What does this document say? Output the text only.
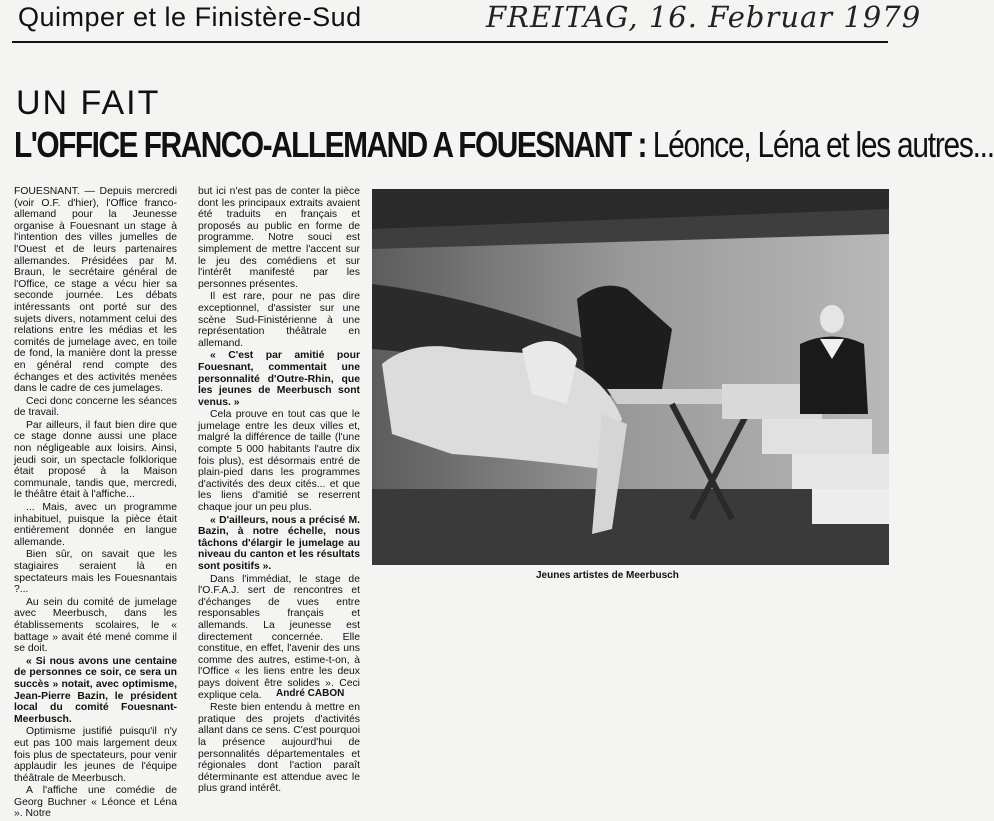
Quimper et le Finistère-Sud	FREITAG, 16. Februar 1979
UN FAIT
L'OFFICE FRANCO-ALLEMAND A FOUESNANT : Léonce, Léna et les autres...

FOUESNANT. — Depuis mercredi (voir O.F. d'hier), l'Office franco-allemand pour la Jeunesse organise à Fouesnant un stage à l'intention des villes jumelles de l'Ouest et de leurs partenaires allemandes. Présidées par M. Braun, le secrétaire général de l'Office, ce stage a vécu hier sa seconde journée. Les débats intéressants ont porté sur des sujets divers, notamment celui des relations entre les médias et les comités de jumelage avec, en toile de fond, la manière dont la presse en général rend compte des échanges et des activités menées dans le cadre de ces jumelages.

Ceci donc concerne les séances de travail.

Par ailleurs, il faut bien dire que ce stage donne aussi une place non négligeable aux loisirs. Ainsi, jeudi soir, un spectacle folklorique était proposé à la Maison communale, tandis que, mercredi, le théâtre était à l'affiche...

... Mais, avec un programme inhabituel, puisque la pièce était entièrement donnée en langue allemande.

Bien sûr, on savait que les stagiaires seraient là en spectateurs mais les Fouesnantais ?...

Au sein du comité de jumelage avec Meerbusch, dans les établissements scolaires, le « battage » avait été mené comme il se doit.

« Si nous avons une centaine de personnes ce soir, ce sera un succès » notait, avec optimisme, Jean-Pierre Bazin, le président local du comité Fouesnant-Meerbusch.

Optimisme justifié puisqu'il n'y eut pas 100 mais largement deux fois plus de spectateurs, pour venir applaudir les jeunes de l'équipe théâtrale de Meerbusch.

A l'affiche une comédie de Georg Buchner « Léonce et Léna ». Notre

but ici n'est pas de conter la pièce dont les principaux extraits avaient été traduits en français et proposés au public en forme de programme. Notre souci est simplement de mettre l'accent sur le jeu des comédiens et sur l'intérêt manifesté par les personnes présentes.

Il est rare, pour ne pas dire exceptionnel, d'assister sur une scène Sud-Finistérienne à une représentation théâtrale en allemand.

« C'est par amitié pour Fouesnant, commentait une personnalité d'Outre-Rhin, que les jeunes de Meerbusch sont venus. »

Cela prouve en tout cas que le jumelage entre les deux villes et, malgré la différence de taille (l'une compte 5 000 habitants l'autre dix fois plus), est désormais entré de plain-pied dans les programmes d'activités des deux cités... et que les liens d'amitié se reserrent chaque jour un peu plus.

« D'ailleurs, nous a précisé M. Bazin, à notre échelle, nous tâchons d'élargir le jumelage au niveau du canton et les résultats sont positifs ».

Dans l'immédiat, le stage de l'O.F.A.J. sert de rencontres et d'échanges de vues entre responsables français et allemands. La jeunesse est directement concernée. Elle constitue, en effet, l'avenir des uns comme des autres, estime-t-on, à l'Office « les liens entre les deux pays doivent être solides ». Ceci explique cela.

Reste bien entendu à mettre en pratique des projets d'activités allant dans ce sens. C'est pourquoi la présence aujourd'hui de personnalités départementales et régionales dont l'action paraît déterminante est attendue avec le plus grand intérêt.

Jeunes artistes de Meerbusch
André CABON
